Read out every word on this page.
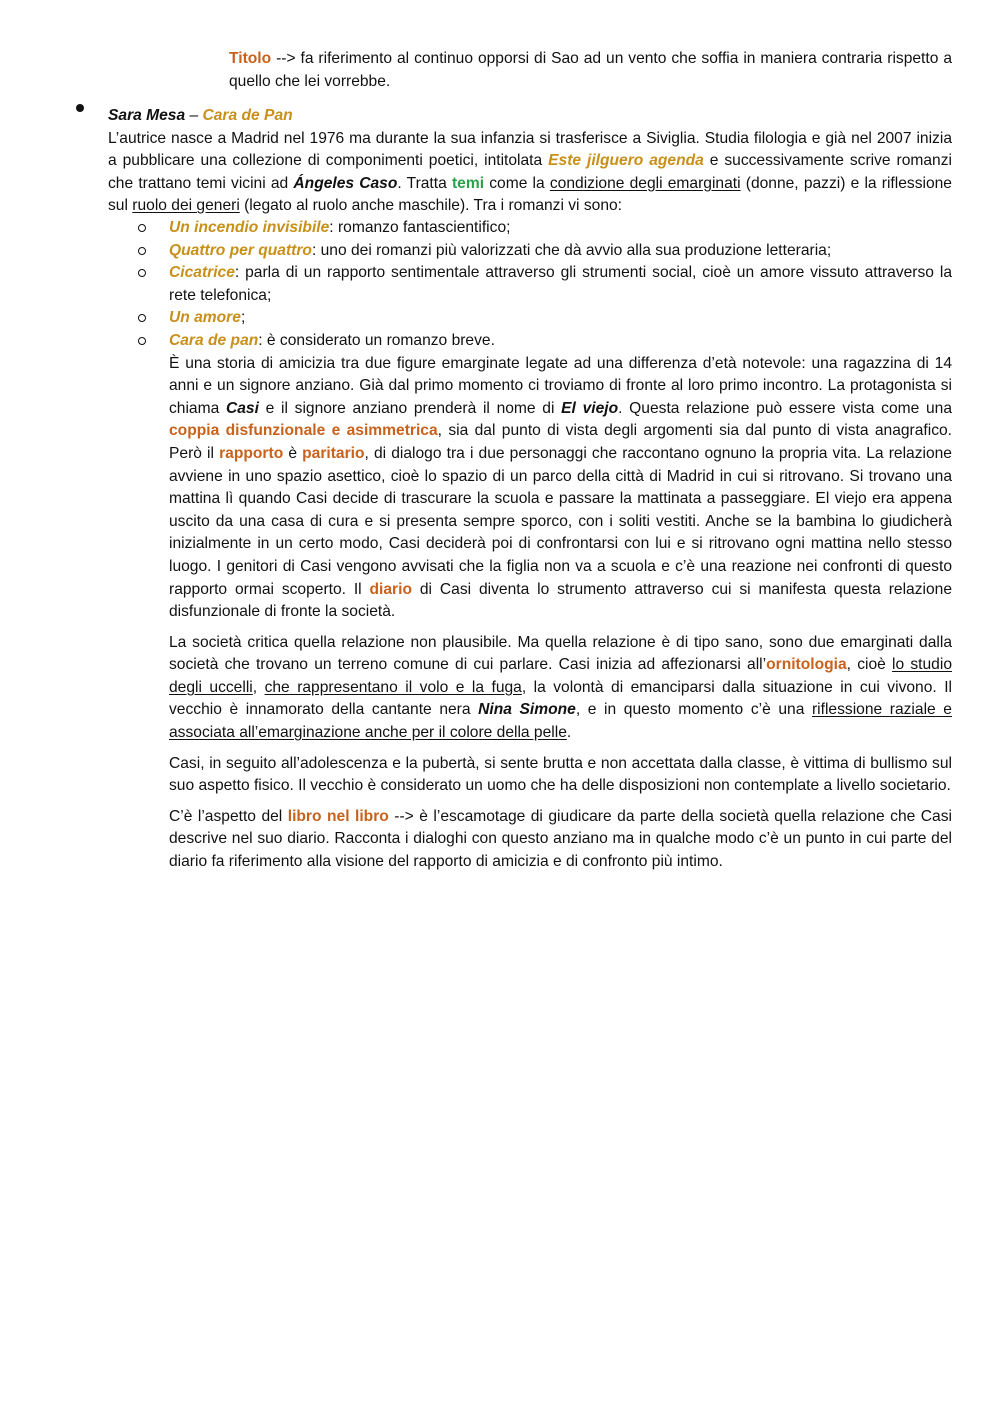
Titolo --> fa riferimento al continuo opporsi di Sao ad un vento che soffia in maniera contraria rispetto a quello che lei vorrebbe.
Sara Mesa – Cara de Pan
L’autrice nasce a Madrid nel 1976 ma durante la sua infanzia si trasferisce a Siviglia. Studia filologia e già nel 2007 inizia a pubblicare una collezione di componimenti poetici, intitolata Este jilguero agenda e successivamente scrive romanzi che trattano temi vicini ad Ángeles Caso. Tratta temi come la condizione degli emarginati (donne, pazzi) e la riflessione sul ruolo dei generi (legato al ruolo anche maschile). Tra i romanzi vi sono:
Un incendio invisibile: romanzo fantascientifico;
Quattro per quattro: uno dei romanzi più valorizzati che dà avvio alla sua produzione letteraria;
Cicatrice: parla di un rapporto sentimentale attraverso gli strumenti social, cioè un amore vissuto attraverso la rete telefonica;
Un amore;
Cara de pan: è considerato un romanzo breve.
È una storia di amicizia tra due figure emarginate legate ad una differenza d’età notevole: una ragazzina di 14 anni e un signore anziano. Già dal primo momento ci troviamo di fronte al loro primo incontro. La protagonista si chiama Casi e il signore anziano prenderà il nome di El viejo. Questa relazione può essere vista come una coppia disfunzionale e asimmetrica, sia dal punto di vista degli argomenti sia dal punto di vista anagrafico. Però il rapporto è paritario, di dialogo tra i due personaggi che raccontano ognuno la propria vita. La relazione avviene in uno spazio asettico, cioè lo spazio di un parco della città di Madrid in cui si ritrovano. Si trovano una mattina lì quando Casi decide di trascurare la scuola e passare la mattinata a passeggiare. El viejo era appena uscito da una casa di cura e si presenta sempre sporco, con i soliti vestiti. Anche se la bambina lo giudicherà inizialmente in un certo modo, Casi deciderà poi di confrontarsi con lui e si ritrovano ogni mattina nello stesso luogo. I genitori di Casi vengono avvisati che la figlia non va a scuola e c’è una reazione nei confronti di questo rapporto ormai scoperto. Il diario di Casi diventa lo strumento attraverso cui si manifesta questa relazione disfunzionale di fronte la società.
La società critica quella relazione non plausibile. Ma quella relazione è di tipo sano, sono due emarginati dalla società che trovano un terreno comune di cui parlare. Casi inizia ad affezionarsi all’ornitologia, cioè lo studio degli uccelli, che rappresentano il volo e la fuga, la volontà di emanciparsi dalla situazione in cui vivono. Il vecchio è innamorato della cantante nera Nina Simone, e in questo momento c’è una riflessione raziale e associata all’emarginazione anche per il colore della pelle.
Casi, in seguito all’adolescenza e la pubertà, si sente brutta e non accettata dalla classe, è vittima di bullismo sul suo aspetto fisico. Il vecchio è considerato un uomo che ha delle disposizioni non contemplate a livello societario.
C’è l’aspetto del libro nel libro --> è l’escamotage di giudicare da parte della società quella relazione che Casi descrive nel suo diario. Racconta i dialoghi con questo anziano ma in qualche modo c’è un punto in cui parte del diario fa riferimento alla visione del rapporto di amicizia e di confronto più intimo.
